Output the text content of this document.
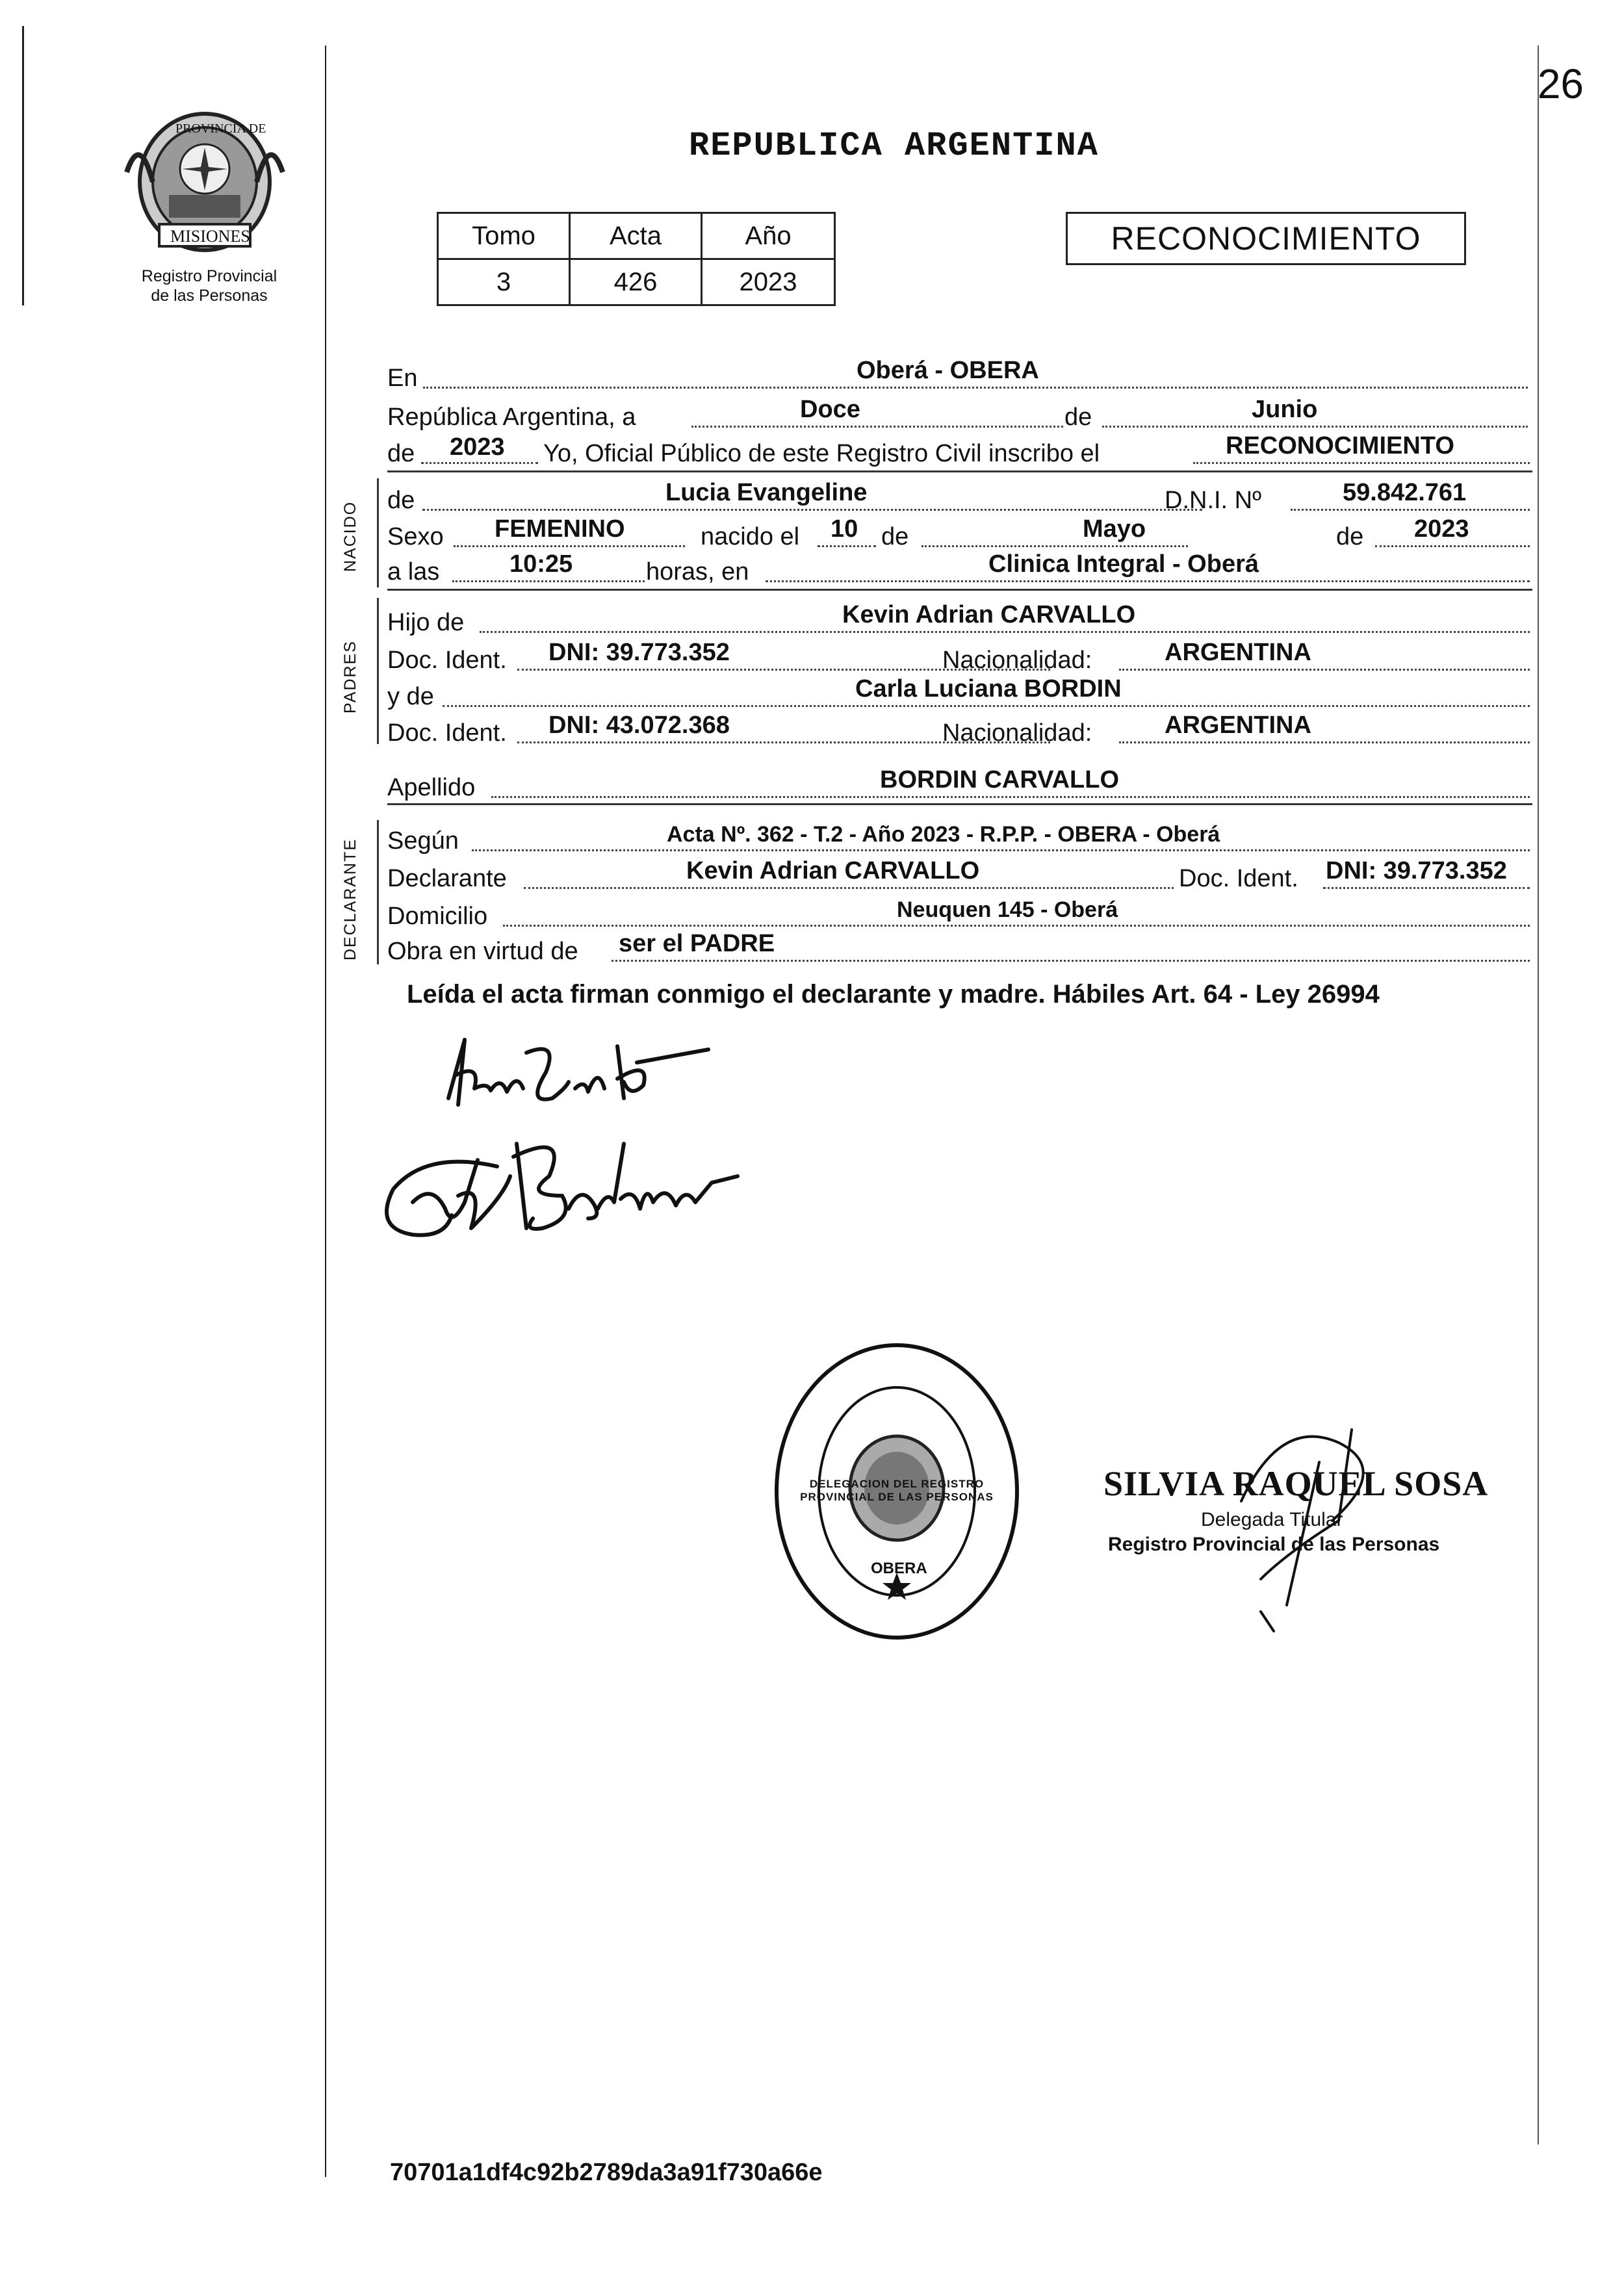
26
PROVINCIA DE
MISIONES
Registro Provincial
de las Personas
REPUBLICA ARGENTINA
Tomo	Acta	Año
3	426	2023
RECONOCIMIENTO
En	Oberá - OBERA
República Argentina, a	Doce	de	Junio
de 2023 Yo, Oficial Público de este Registro Civil inscribo el	RECONOCIMIENTO
NACIDO
de	Lucia Evangeline	D.N.I. Nº	59.842.761
Sexo FEMENINO	nacido el 10 de	Mayo	de 2023
a las	10:25	horas, en	Clinica Integral - Oberá
PADRES
Hijo de	Kevin Adrian CARVALLO
Doc. Ident. DNI: 39.773.352	Nacionalidad:	ARGENTINA
y de	Carla Luciana BORDIN
Doc. Ident. DNI: 43.072.368	Nacionalidad:	ARGENTINA
Apellido	BORDIN CARVALLO
DECLARANTE Según	Acta Nº. 362 - T.2 - Año 2023 - R.P.P. - OBERA - Oberá
Declarante	Kevin Adrian CARVALLO	Doc. Ident. DNI: 39.773.352
Domicilio	Neuquen 145 - Oberá
Obra en virtud de ser el PADRE
Leída el acta firman conmigo el declarante y madre. Hábiles Art. 64 - Ley 26994
DELEGACION DEL REGISTRO PROVINCIAL DE LAS PERSONAS
OBERA
SILVIA RAQUEL SOSA
Delegada Titular
Registro Provincial de las Personas
70701a1df4c92b2789da3a91f730a66e
